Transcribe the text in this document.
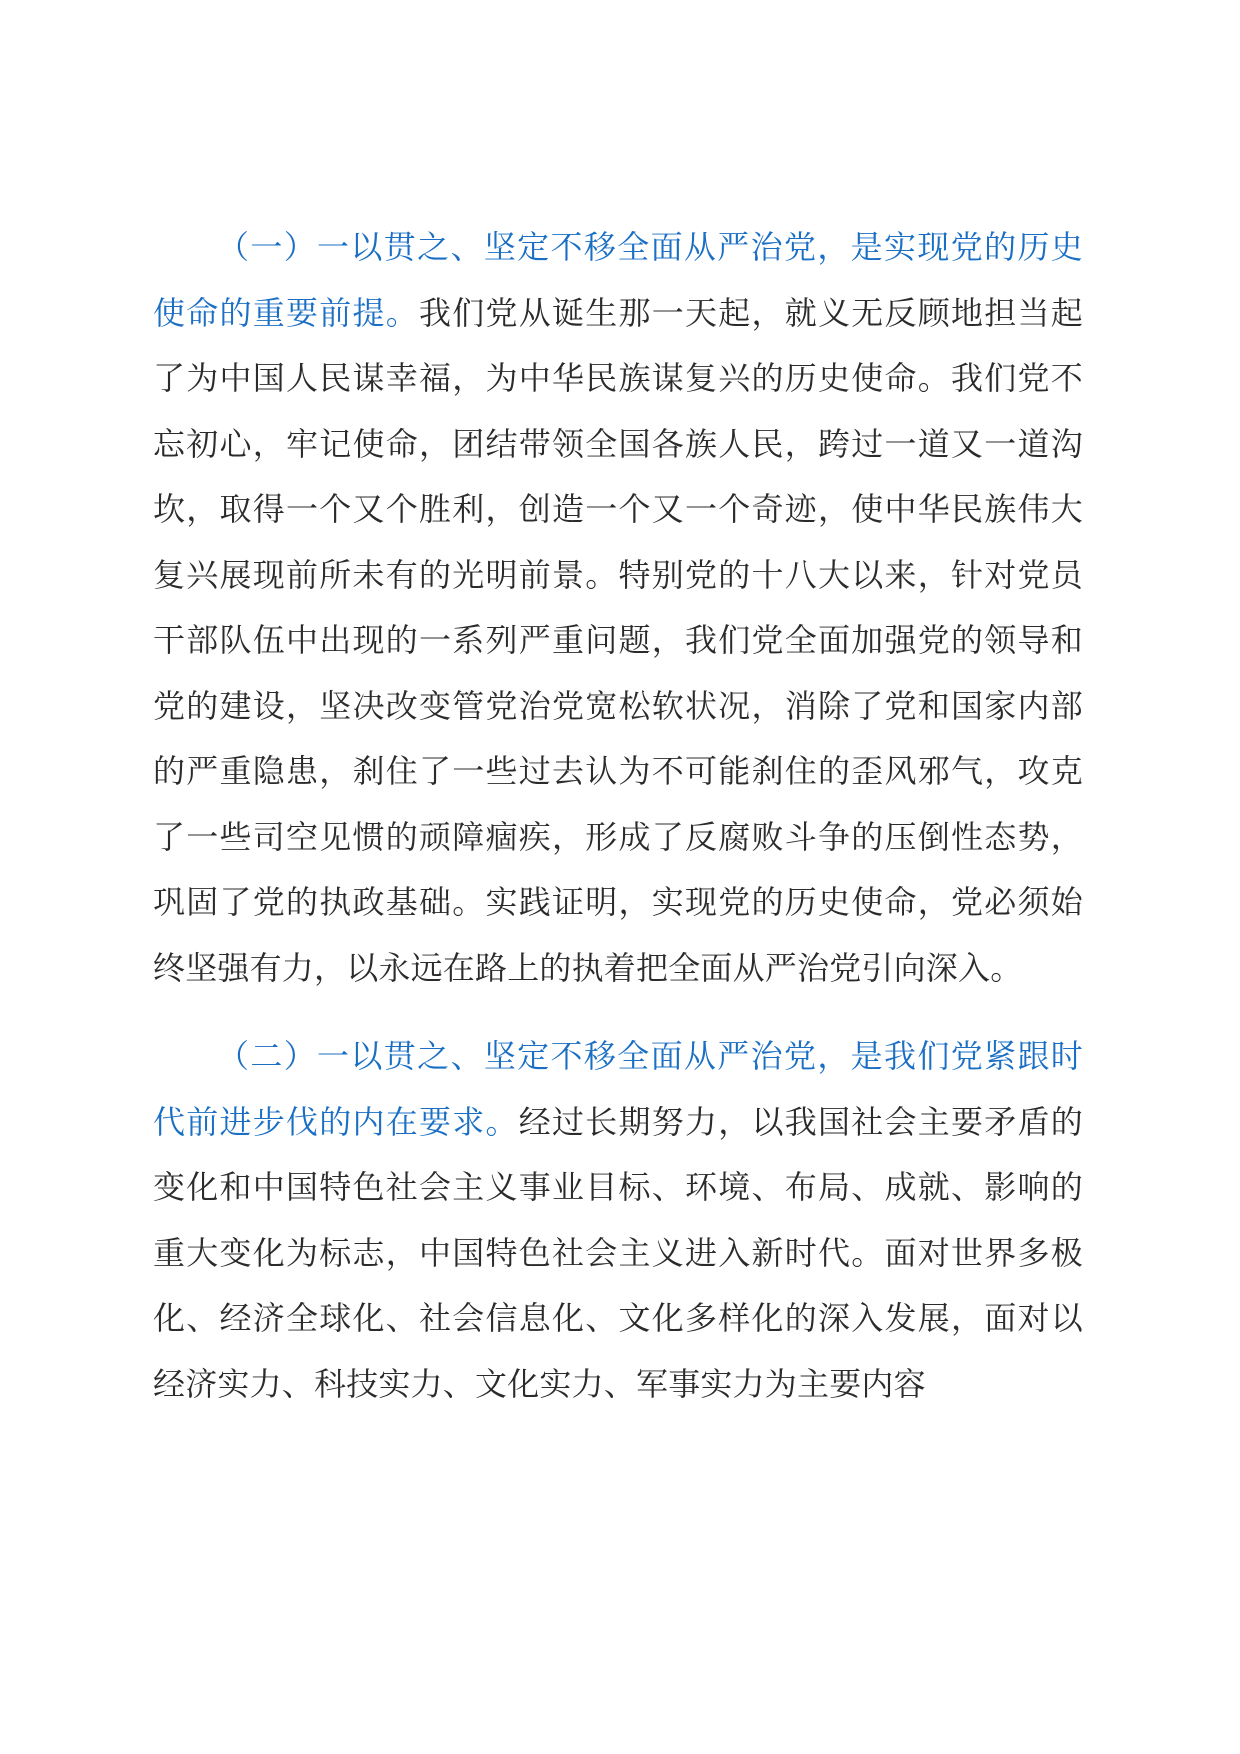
（一）一以贯之、坚定不移全面从严治党，是实现党的历史使命的重要前提。我们党从诞生那一天起，就义无反顾地担当起了为中国人民谋幸福，为中华民族谋复兴的历史使命。我们党不忘初心，牢记使命，团结带领全国各族人民，跨过一道又一道沟坎，取得一个又个胜利，创造一个又一个奇迹，使中华民族伟大复兴展现前所未有的光明前景。特别党的十八大以来，针对党员干部队伍中出现的一系列严重问题，我们党全面加强党的领导和党的建设，坚决改变管党治党宽松软状况，消除了党和国家内部的严重隐患，刹住了一些过去认为不可能刹住的歪风邪气，攻克了一些司空见惯的顽障痼疾，形成了反腐败斗争的压倒性态势，巩固了党的执政基础。实践证明，实现党的历史使命，党必须始终坚强有力，以永远在路上的执着把全面从严治党引向深入。

（二）一以贯之、坚定不移全面从严治党，是我们党紧跟时代前进步伐的内在要求。经过长期努力，以我国社会主要矛盾的变化和中国特色社会主义事业目标、环境、布局、成就、影响的重大变化为标志，中国特色社会主义进入新时代。面对世界多极化、经济全球化、社会信息化、文化多样化的深入发展，面对以经济实力、科技实力、文化实力、军事实力为主要内容
